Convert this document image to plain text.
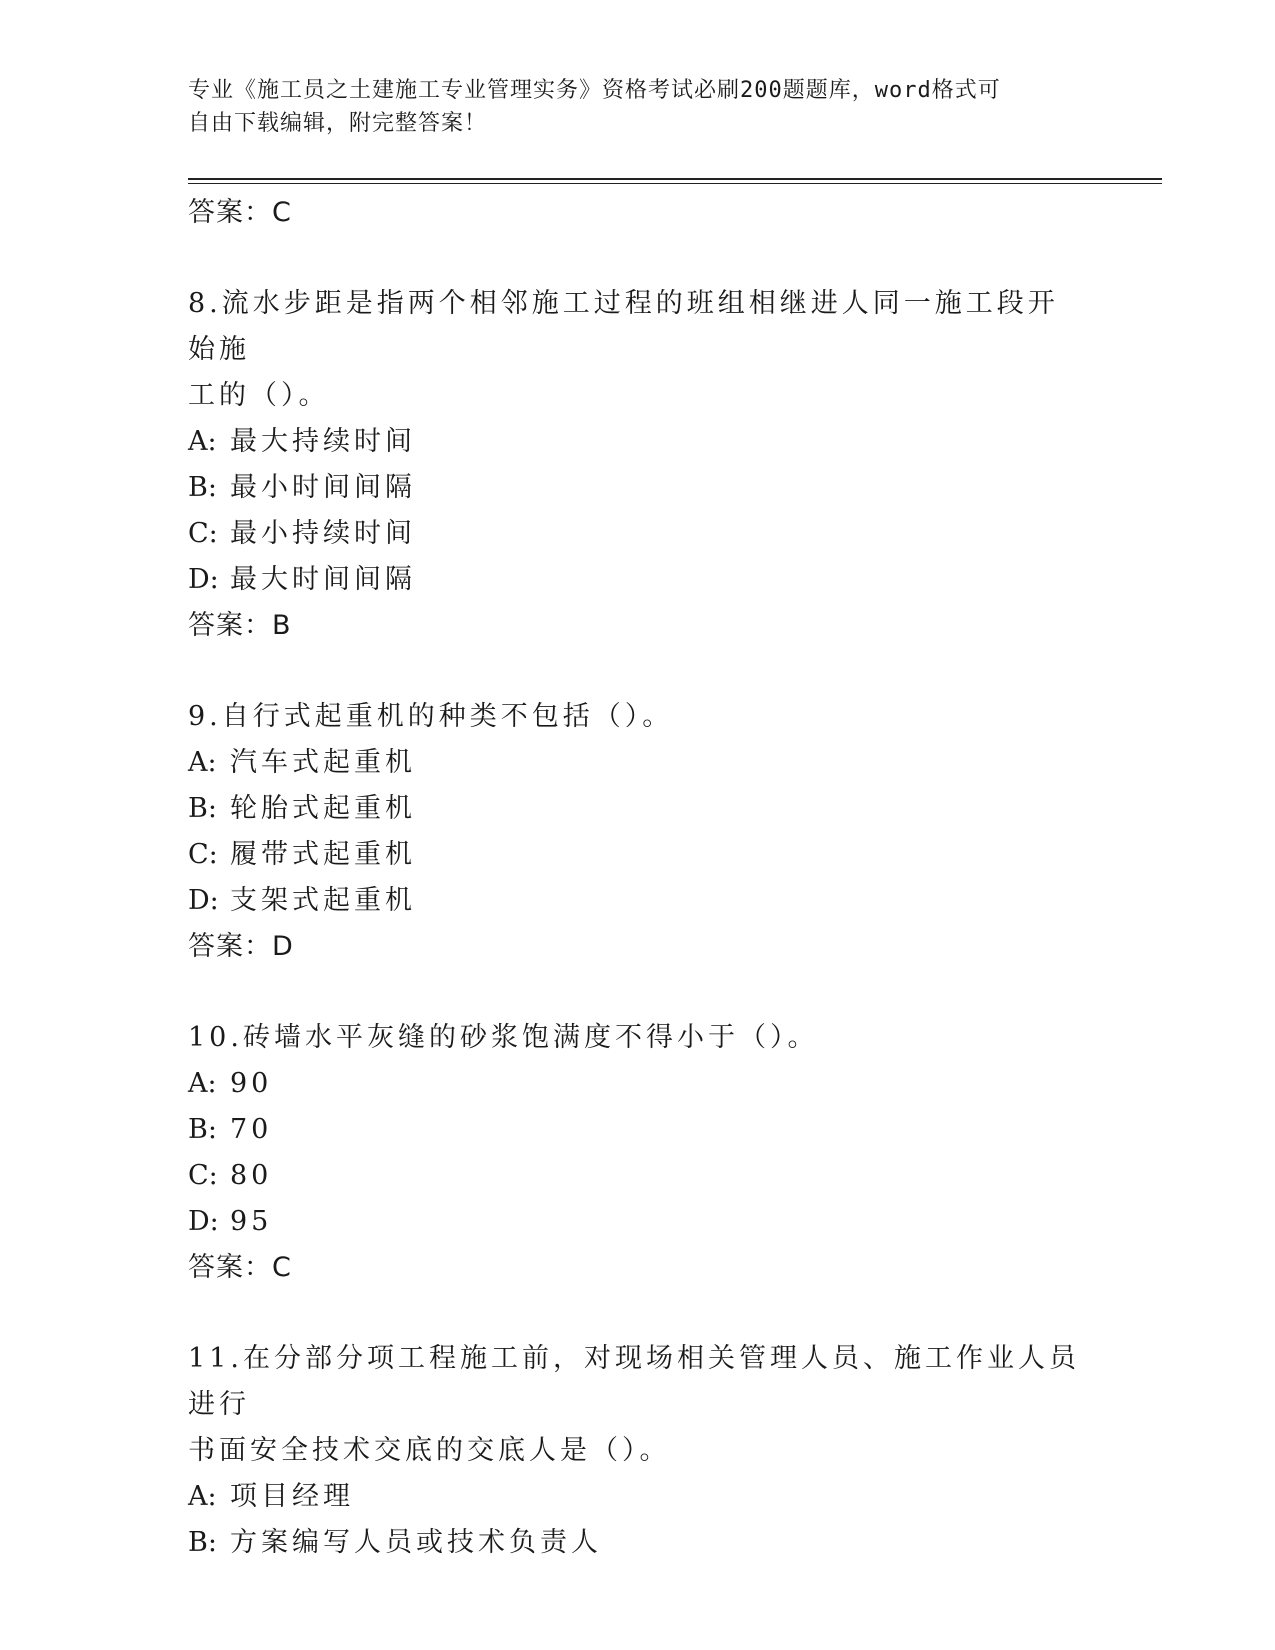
专业《施工员之土建施工专业管理实务》资格考试必刷200题题库，word格式可
自由下载编辑，附完整答案！
答案：C
8.流水步距是指两个相邻施工过程的班组相继进人同一施工段开始施
工的（）。
A: 最大持续时间
B: 最小时间间隔
C: 最小持续时间
D: 最大时间间隔
答案：B
9.自行式起重机的种类不包括（）。
A: 汽车式起重机
B: 轮胎式起重机
C: 履带式起重机
D: 支架式起重机
答案：D
10.砖墙水平灰缝的砂浆饱满度不得小于（）。
A: 90
B: 70
C: 80
D: 95
答案：C
11.在分部分项工程施工前，对现场相关管理人员、施工作业人员进行
书面安全技术交底的交底人是（）。
A: 项目经理
B: 方案编写人员或技术负责人
